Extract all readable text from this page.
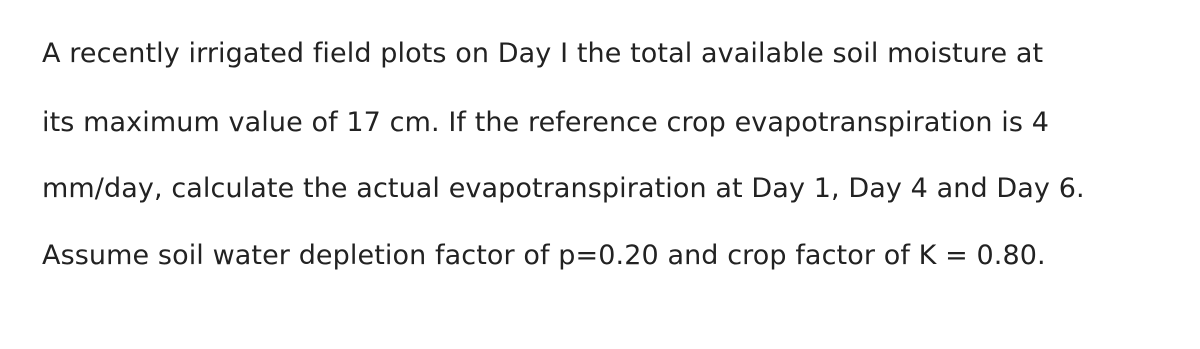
A recently irrigated field plots on Day I the total available soil moisture at
its maximum value of 17 cm. If the reference crop evapotranspiration is 4
mm/day, calculate the actual evapotranspiration at Day 1, Day 4 and Day 6.
Assume soil water depletion factor of p=0.20 and crop factor of K = 0.80.
